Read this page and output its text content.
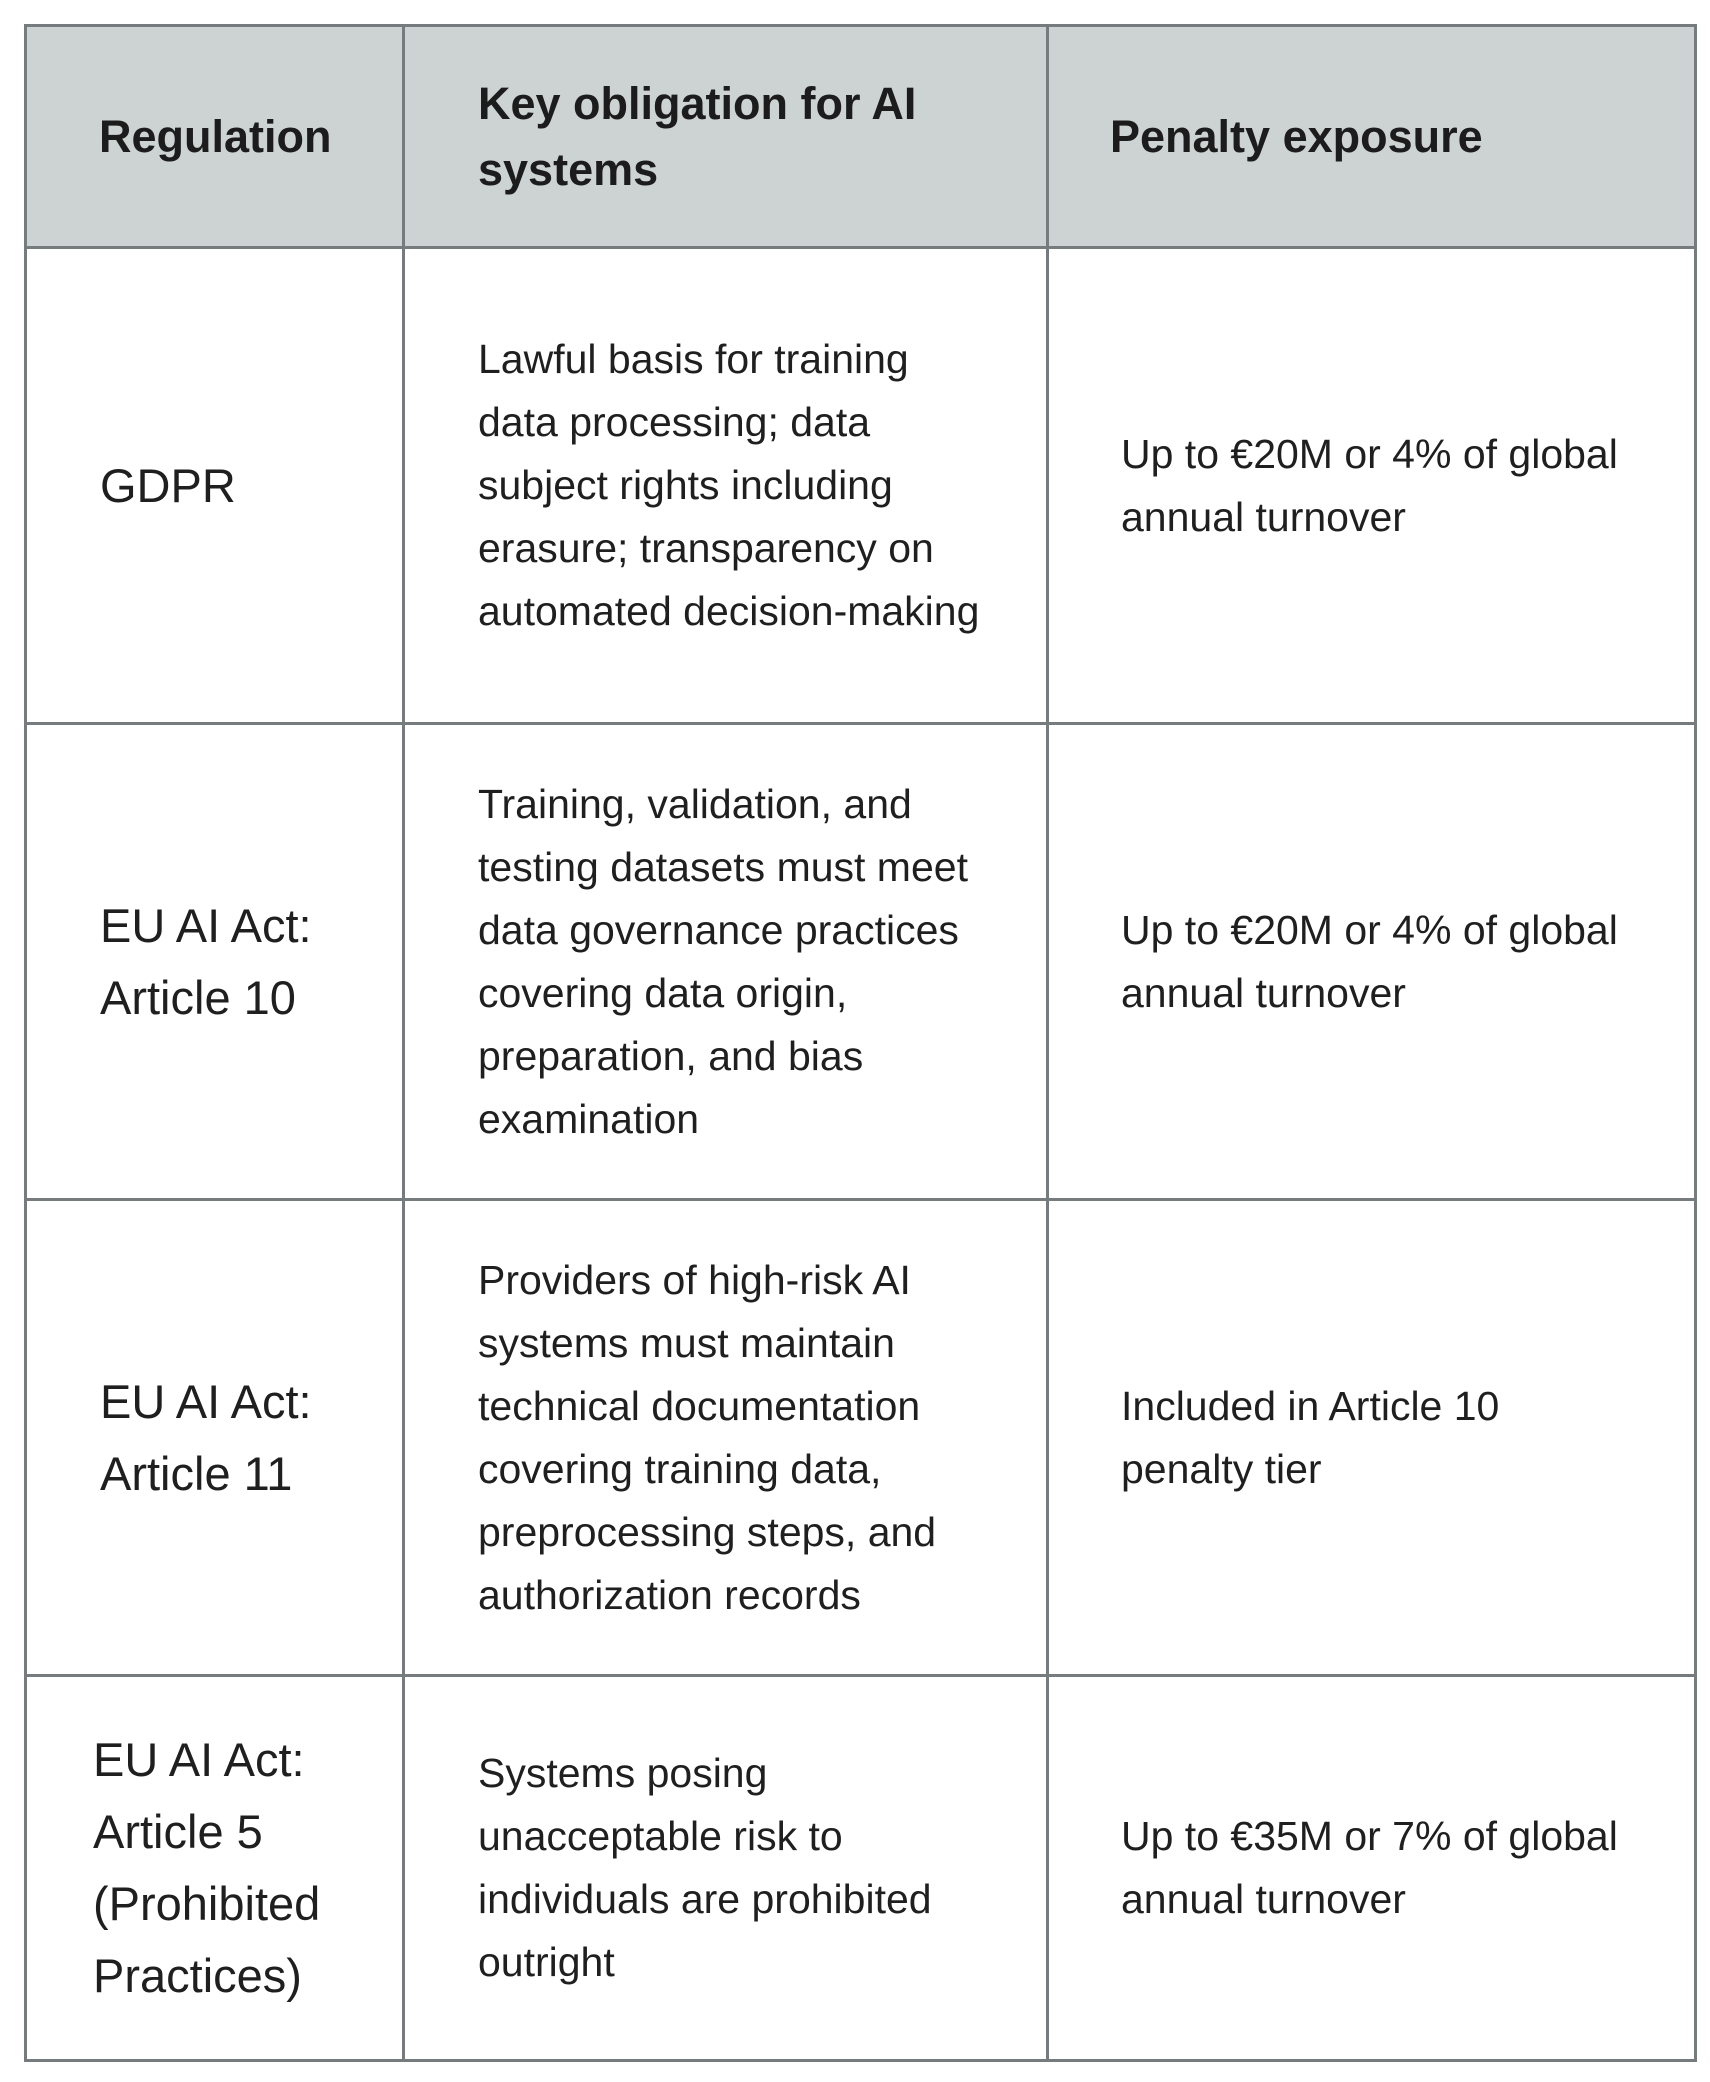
Regulation	Key obligation for AI systems	Penalty exposure
GDPR	Lawful basis for training data processing; data subject rights including erasure; transparency on automated decision-making	Up to €20M or 4% of global annual turnover
EU AI Act: Article 10	Training, validation, and testing datasets must meet data governance practices covering data origin, preparation, and bias examination	Up to €20M or 4% of global annual turnover
EU AI Act: Article 11	Providers of high-risk AI systems must maintain technical documentation covering training data, preprocessing steps, and authorization records	Included in Article 10 penalty tier
EU AI Act: Article 5 (Prohibited Practices)	Systems posing unacceptable risk to individuals are prohibited outright	Up to €35M or 7% of global annual turnover
